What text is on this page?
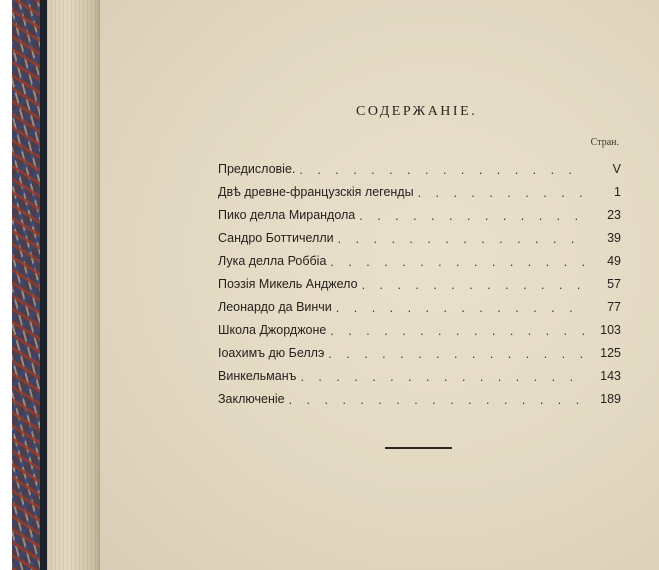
СОДЕРЖАНIЕ.
Стран.
Предисловiе. . . .	V
Двѣ древне-французскiя легенды . . .	1
Пико делла Мирандола . . .	23
Сандро Боттичелли . . .	39
Лука делла Роббiа . . .	49
Поэзiя Микель Анджело . . .	57
Леонардо да Винчи . . .	77
Школа Джорджоне . . .	103
Iоахимъ дю Беллэ . . .	125
Винкельманъ . . .	143
Заключенiе . . .	189
